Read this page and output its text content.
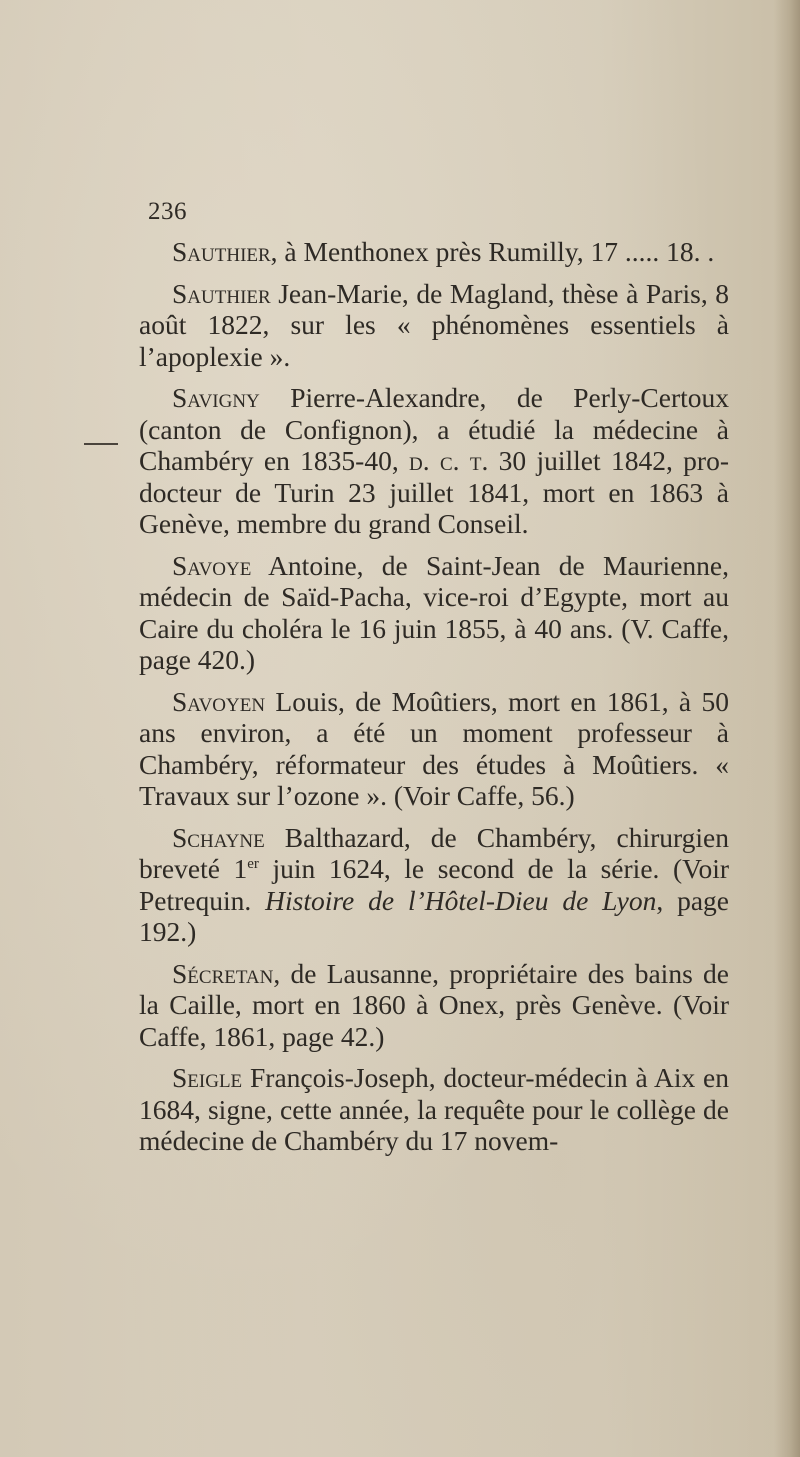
236

Sauthier, à Menthonex près Rumilly, 17 ..... 18. .

Sauthier Jean-Marie, de Magland, thèse à Paris, 8 août 1822, sur les « phénomènes essentiels à l’apoplexie ».

Savigny Pierre-Alexandre, de Perly-Certoux (canton de Confignon), a étudié la médecine à Chambéry en 1835-40, d. c. t. 30 juillet 1842, pro-docteur de Turin 23 juillet 1841, mort en 1863 à Genève, membre du grand Conseil.

Savoye Antoine, de Saint-Jean de Maurienne, médecin de Saïd-Pacha, vice-roi d’Egypte, mort au Caire du choléra le 16 juin 1855, à 40 ans. (V. Caffe, page 420.)

Savoyen Louis, de Moûtiers, mort en 1861, à 50 ans environ, a été un moment professeur à Chambéry, réformateur des études à Moûtiers. « Travaux sur l’ozone ». (Voir Caffe, 56.)

Schayne Balthazard, de Chambéry, chirurgien breveté 1er juin 1624, le second de la série. (Voir Petrequin. Histoire de l’Hôtel-Dieu de Lyon, page 192.)

Sécretan, de Lausanne, propriétaire des bains de la Caille, mort en 1860 à Onex, près Genève. (Voir Caffe, 1861, page 42.)

Seigle François-Joseph, docteur-médecin à Aix en 1684, signe, cette année, la requête pour le collège de médecine de Chambéry du 17 novem-
